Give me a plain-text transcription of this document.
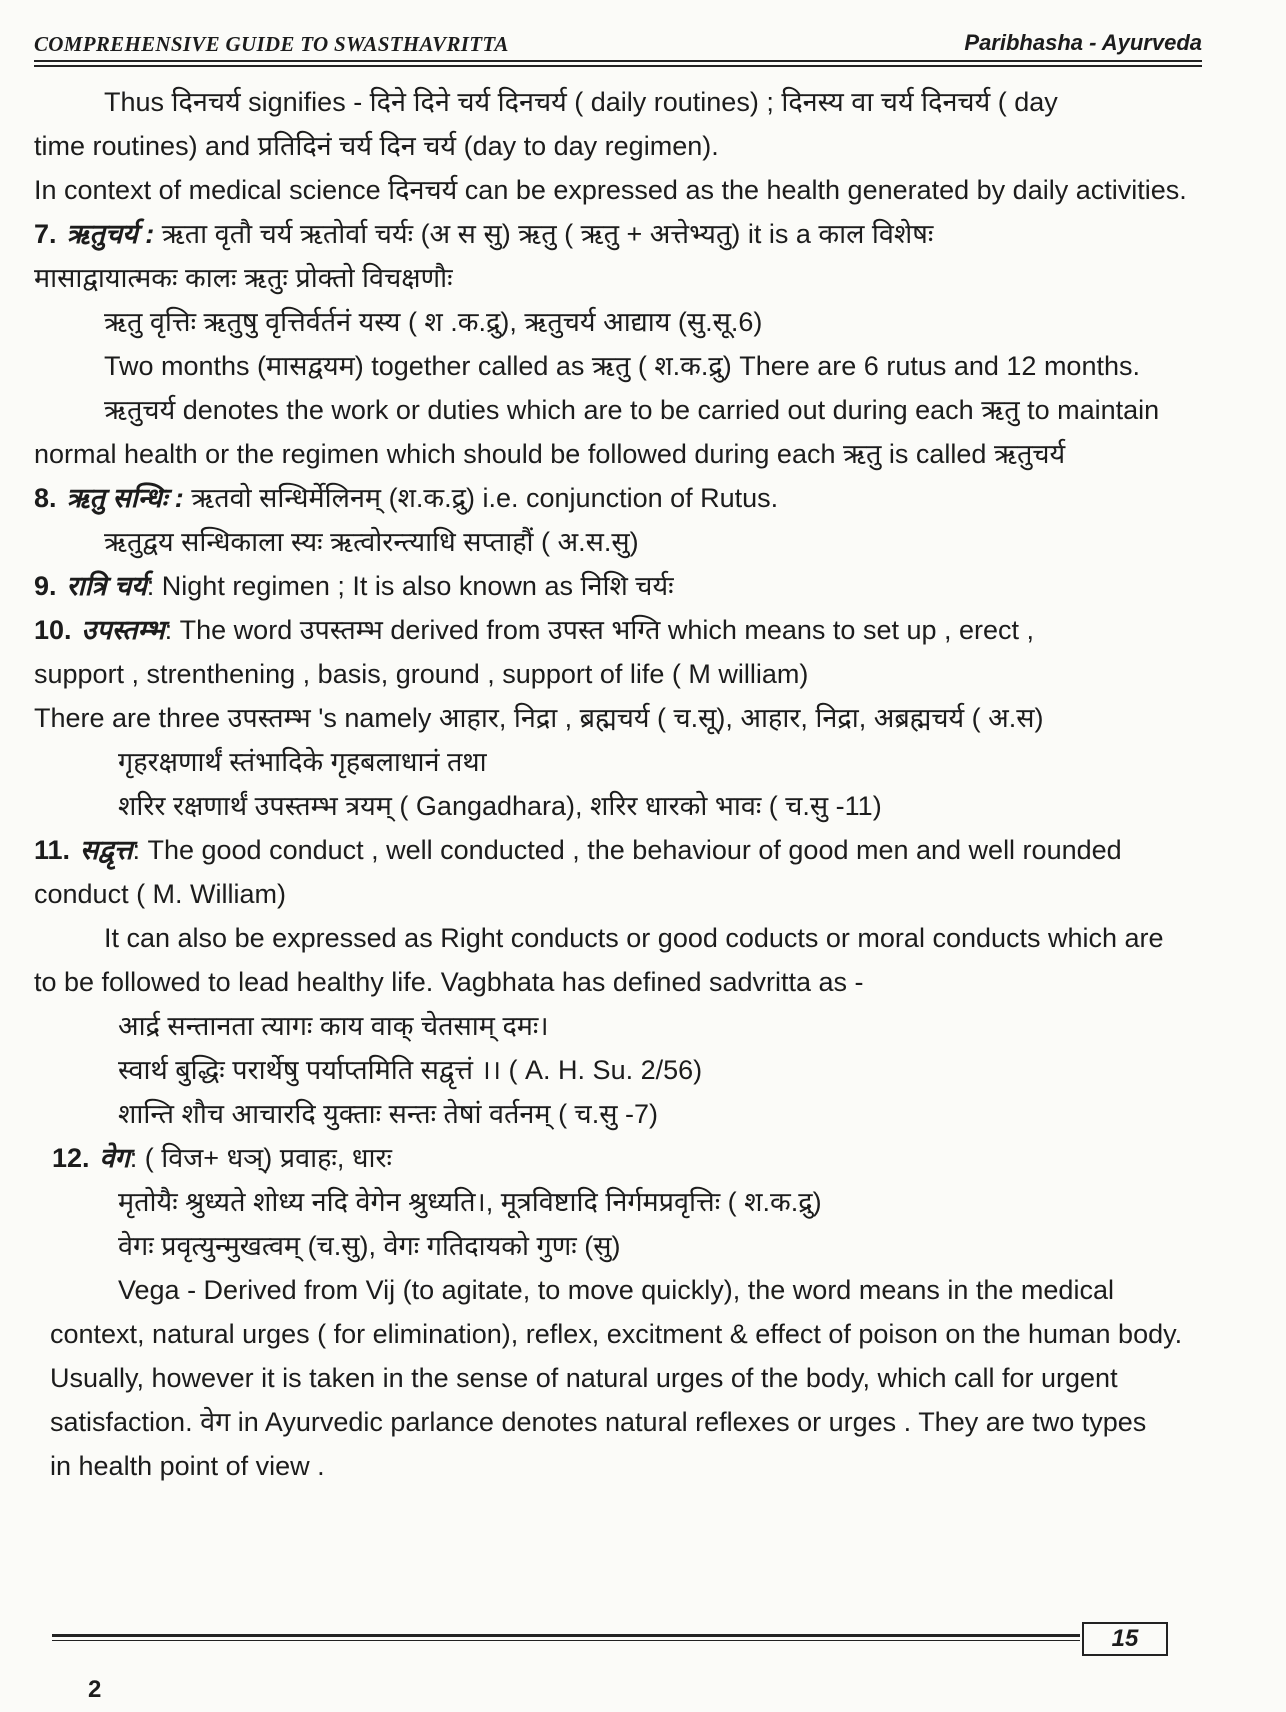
COMPREHENSIVE GUIDE TO SWASTHAVRITTA	Paribhasha - Ayurveda
Thus दिनचर्य signifies - दिने दिने चर्य दिनचर्य ( daily routines) ; दिनस्य वा चर्य दिनचर्य ( day
time routines) and प्रतिदिनं चर्य दिन चर्य (day to day regimen).
In context of medical science दिनचर्य can be expressed as the health generated by daily activities.
7. ऋतुचर्य : ऋता वृतौ चर्य ऋतोर्वा चर्यः (अ स सु) ऋतु ( ऋतु + अत्तेभ्यतु) it is a काल विशेषः
मासाद्वायात्मकः कालः ऋतुः प्रोक्तो विचक्षणौः
ऋतु वृत्तिः ऋतुषु वृत्तिर्वर्तनं यस्य ( श .क.द्रु), ऋतुचर्य आद्याय (सु.सू.6)
Two months (मासद्वयम) together called as ऋतु ( श.क.द्रु) There are 6 rutus and 12 months.
ऋतुचर्य denotes the work or duties which are to be carried out during each ऋतु to maintain
normal health or the regimen which should be followed during each ऋतु is called ऋतुचर्य
8. ऋतु सन्धिः : ऋतवो सन्धिर्मेलिनम् (श.क.द्रु) i.e. conjunction of Rutus.
ऋतुद्वय सन्धिकाला स्यः ऋत्वोरन्त्याधि सप्ताहौं ( अ.स.सु)
9. रात्रि चर्य: Night regimen ; It is also known as निशि चर्यः
10. उपस्तम्भ: The word उपस्तम्भ derived from उपस्त भग्ति which means to set up , erect ,
support , strenthening , basis, ground , support of life ( M william)
There are three उपस्तम्भ 's namely आहार, निद्रा , ब्रह्मचर्य ( च.सू), आहार, निद्रा, अब्रह्मचर्य ( अ.स)
गृहरक्षणार्थं स्तंभादिके गृहबलाधानं तथा
शरिर रक्षणार्थं उपस्तम्भ त्रयम् ( Gangadhara), शरिर धारको भावः ( च.सु -11)
11. सद्वृत्त: The good conduct , well conducted , the behaviour of good men and well rounded
conduct ( M. William)
It can also be expressed as Right conducts or good coducts or moral conducts which are
to be followed to lead healthy life. Vagbhata has defined sadvritta as -
आर्द्र सन्तानता त्यागः काय वाक् चेतसाम् दमः।
स्वार्थ बुद्धिः परार्थेषु पर्याप्तमिति सद्वृत्तं ।। ( A. H. Su. 2/56)
शान्ति शौच आचारदि युक्ताः सन्तः तेषां वर्तनम् ( च.सु -7)
12. वेग: ( विज+ धञ्) प्रवाहः, धारः
मृतोयैः श्रुध्यते शोध्य नदि वेगेन श्रुध्यति।, मूत्रविष्टादि निर्गमप्रवृत्तिः ( श.क.द्रु)
वेगः प्रवृत्युन्मुखत्वम् (च.सु), वेगः गतिदायको गुणः (सु)
Vega - Derived from Vij (to agitate, to move quickly), the word means in the medical
context, natural urges ( for elimination), reflex, excitment & effect of poison on the human body.
Usually, however it is taken in the sense of natural urges of the body, which call for urgent
satisfaction. वेग in Ayurvedic parlance denotes natural reflexes or urges . They are two types
in health point of view .
15
2
